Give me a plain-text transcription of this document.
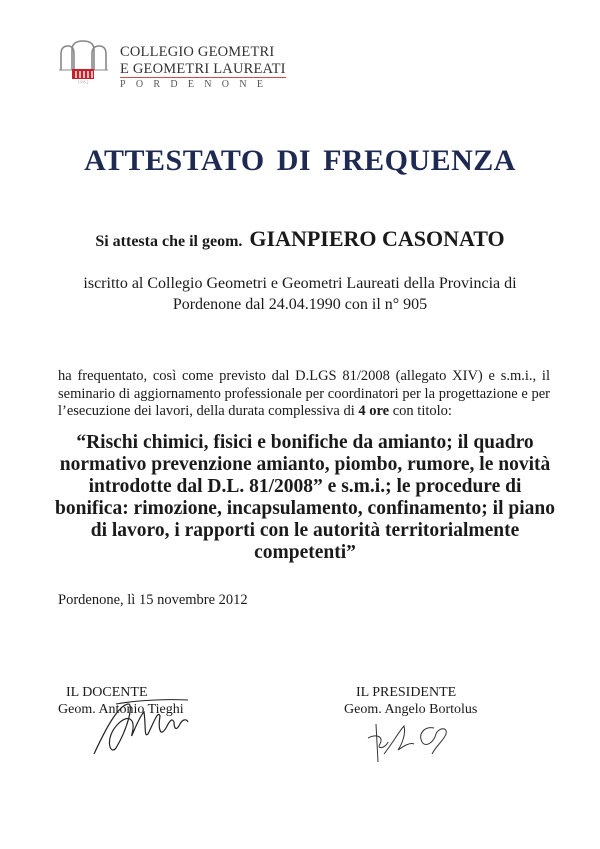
1 9 6 2
COLLEGIO GEOMETRI
E GEOMETRI LAUREATI
PORDENONE
ATTESTATO DI FREQUENZA
Si attesta che il geom. GIANPIERO CASONATO
iscritto al Collegio Geometri e Geometri Laureati della Provincia di
Pordenone dal 24.04.1990 con il n° 905
ha frequentato, così come previsto dal D.LGS 81/2008 (allegato XIV) e s.m.i., il seminario di aggiornamento professionale per coordinatori per la progettazione e per l’esecuzione dei lavori, della durata complessiva di 4 ore con titolo:
“Rischi chimici, fisici e bonifiche da amianto; il quadro normativo prevenzione amianto, piombo, rumore, le novità introdotte dal D.L. 81/2008” e s.m.i.; le procedure di bonifica: rimozione, incapsulamento, confinamento; il piano di lavoro, i rapporti con le autorità territorialmente competenti”
Pordenone, lì 15 novembre 2012
IL DOCENTE
Geom. Antonio Tieghi
IL PRESIDENTE
Geom. Angelo Bortolus
